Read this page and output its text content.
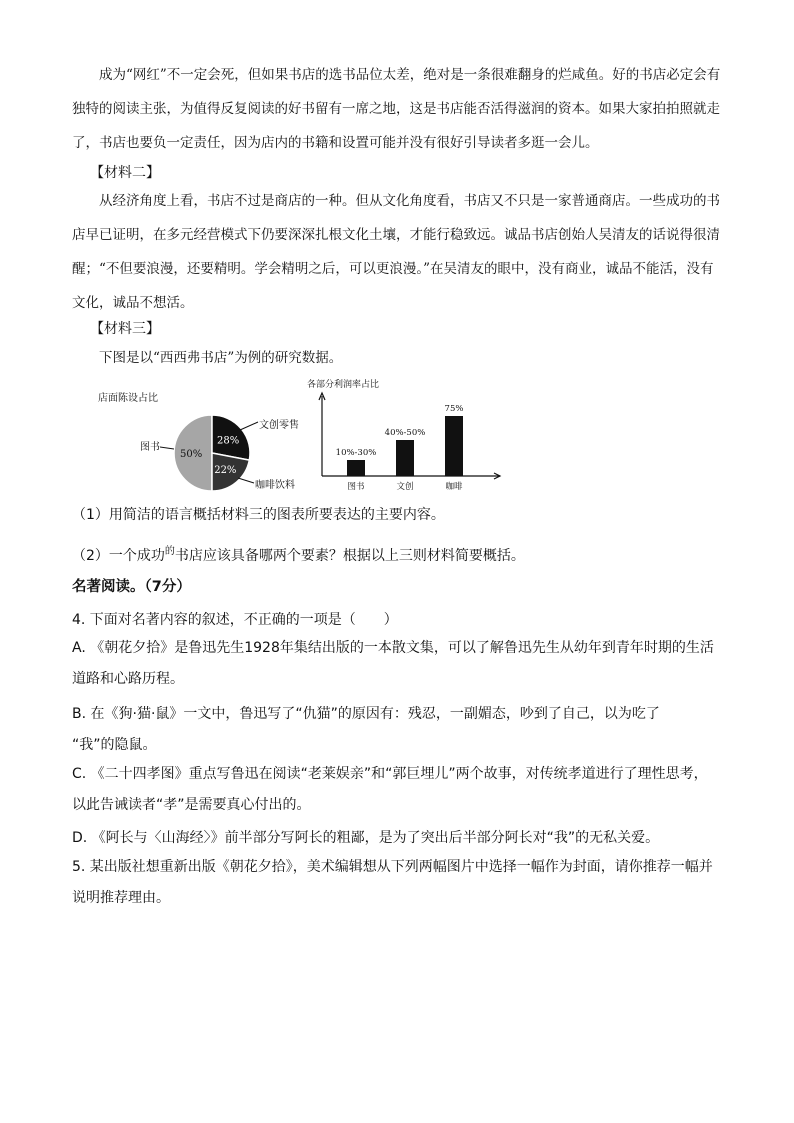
成为“网红”不一定会死，但如果书店的选书品位太差，绝对是一条很难翻身的烂咸鱼。好的书店必定会有独特的阅读主张，为值得反复阅读的好书留有一席之地，这是书店能否活得滋润的资本。如果大家拍拍照就走了，书店也要负一定责任，因为店内的书籍和设置可能并没有很好引导读者多逛一会儿。
【材料二】
从经济角度上看，书店不过是商店的一种。但从文化角度看，书店又不只是一家普通商店。一些成功的书店早已证明，在多元经营模式下仍要深深扎根文化土壤，才能行稳致远。诚品书店创始人吴清友的话说得很清醒；“不但要浪漫，还要精明。学会精明之后，可以更浪漫。”在吴清友的眼中，没有商业，诚品不能活，没有文化，诚品不想活。
【材料三】
下图是以“西西弗书店”为例的研究数据。
店面陈设占比
图书
文创零售
咖啡饮料
50%
28%
22%
各部分利润率占比
10%-30%
图书
40%-50%
文创
75%
咖啡
（1）用简洁的语言概括材料三的图表所要表达的主要内容。
（2）一个成功$^的$书店应该具备哪两个要素？根据以上三则材料简要概括。
名著阅读。（7分）
4. 下面对名著内容的叙述，不正确的一项是（　　）
A. 《朝花夕拾》是鲁迅先生1928年集结出版的一本散文集，可以了解鲁迅先生从幼年到青年时期的生活道路和心路历程。
B. 在《狗·猫·鼠》一文中，鲁迅写了“仇猫”的原因有：残忍，一副媚态，吵到了自己，以为吃了
“我”的隐鼠。
C. 《二十四孝图》重点写鲁迅在阅读“老莱娱亲”和“郭巨埋儿”两个故事，对传统孝道进行了理性思考，以此告诫读者“孝”是需要真心付出的。
D. 《阿长与〈山海经〉》前半部分写阿长的粗鄙，是为了突出后半部分阿长对“我”的无私关爱。
5. 某出版社想重新出版《朝花夕拾》，美术编辑想从下列两幅图片中选择一幅作为封面，请你推荐一幅并说明推荐理由。
